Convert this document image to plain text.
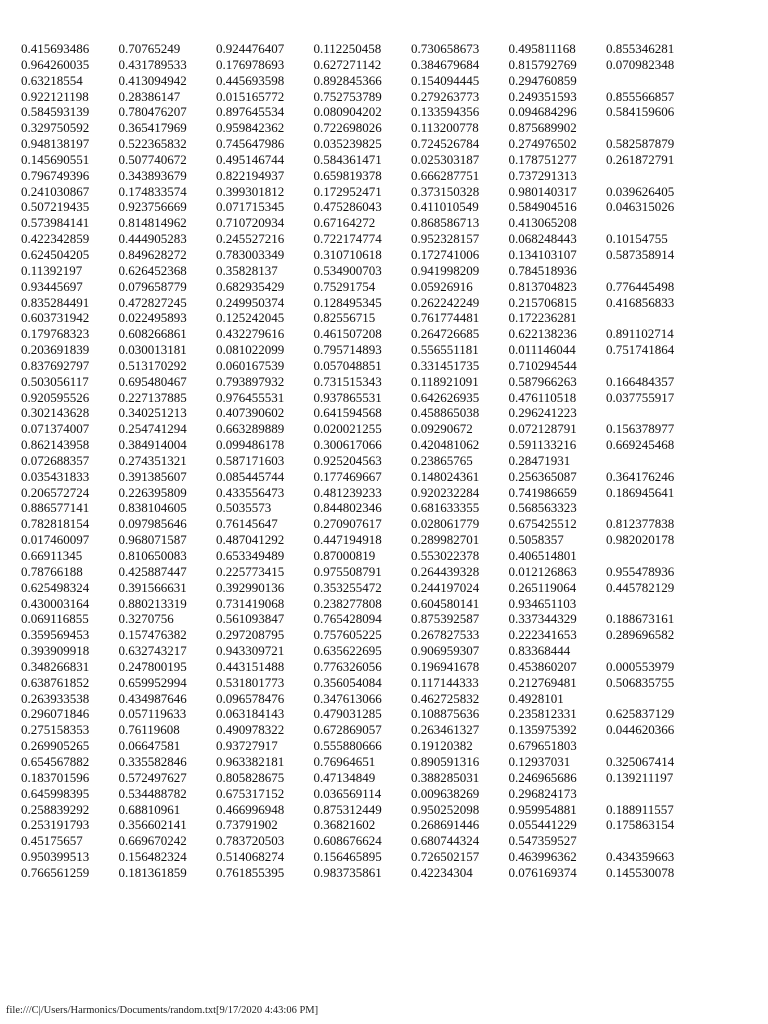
0.415693486	0.70765249	0.924476407	0.112250458	0.730658673	0.495811168	0.855346281
0.964260035	0.431789533	0.176978693	0.627271142	0.384679684	0.815792769	0.070982348
0.63218554	0.413094942	0.445693598	0.892845366	0.154094445	0.294760859
0.922121198	0.28386147	0.015165772	0.752753789	0.279263773	0.249351593	0.855566857
0.584593139	0.780476207	0.897645534	0.080904202	0.133594356	0.094684296	0.584159606
0.329750592	0.365417969	0.959842362	0.722698026	0.113200778	0.875689902
0.948138197	0.522365832	0.745647986	0.035239825	0.724526784	0.274976502	0.582587879
0.145690551	0.507740672	0.495146744	0.584361471	0.025303187	0.178751277	0.261872791
0.796749396	0.343893679	0.822194937	0.659819378	0.666287751	0.737291313
0.241030867	0.174833574	0.399301812	0.172952471	0.373150328	0.980140317	0.039626405
0.507219435	0.923756669	0.071715345	0.475286043	0.411010549	0.584904516	0.046315026
0.573984141	0.814814962	0.710720934	0.67164272	0.868586713	0.413065208
0.422342859	0.444905283	0.245527216	0.722174774	0.952328157	0.068248443	0.10154755
0.624504205	0.849628272	0.783003349	0.310710618	0.172741006	0.134103107	0.587358914
0.11392197	0.626452368	0.35828137	0.534900703	0.941998209	0.784518936
0.93445697	0.079658779	0.682935429	0.75291754	0.05926916	0.813704823	0.776445498
0.835284491	0.472827245	0.249950374	0.128495345	0.262242249	0.215706815	0.416856833
0.603731942	0.022495893	0.125242045	0.82556715	0.761774481	0.172236281
0.179768323	0.608266861	0.432279616	0.461507208	0.264726685	0.622138236	0.891102714
0.203691839	0.030013181	0.081022099	0.795714893	0.556551181	0.011146044	0.751741864
0.837692797	0.513170292	0.060167539	0.057048851	0.331451735	0.710294544
0.503056117	0.695480467	0.793897932	0.731515343	0.118921091	0.587966263	0.166484357
0.920595526	0.227137885	0.976455531	0.937865531	0.642626935	0.476110518	0.037755917
0.302143628	0.340251213	0.407390602	0.641594568	0.458865038	0.296241223
0.071374007	0.254741294	0.663289889	0.020021255	0.09290672	0.072128791	0.156378977
0.862143958	0.384914004	0.099486178	0.300617066	0.420481062	0.591133216	0.669245468
0.072688357	0.274351321	0.587171603	0.925204563	0.23865765	0.28471931
0.035431833	0.391385607	0.085445744	0.177469667	0.148024361	0.256365087	0.364176246
0.206572724	0.226395809	0.433556473	0.481239233	0.920232284	0.741986659	0.186945641
0.886577141	0.838104605	0.5035573	0.844802346	0.681633355	0.568563323
0.782818154	0.097985646	0.76145647	0.270907617	0.028061779	0.675425512	0.812377838
0.017460097	0.968071587	0.487041292	0.447194918	0.289982701	0.5058357	0.982020178
0.66911345	0.810650083	0.653349489	0.87000819	0.553022378	0.406514801
0.78766188	0.425887447	0.225773415	0.975508791	0.264439328	0.012126863	0.955478936
0.625498324	0.391566631	0.392990136	0.353255472	0.244197024	0.265119064	0.445782129
0.430003164	0.880213319	0.731419068	0.238277808	0.604580141	0.934651103
0.069116855	0.3270756	0.561093847	0.765428094	0.875392587	0.337344329	0.188673161
0.359569453	0.157476382	0.297208795	0.757605225	0.267827533	0.222341653	0.289696582
0.393909918	0.632743217	0.943309721	0.635622695	0.906959307	0.83368444
0.348266831	0.247800195	0.443151488	0.776326056	0.196941678	0.453860207	0.000553979
0.638761852	0.659952994	0.531801773	0.356054084	0.117144333	0.212769481	0.506835755
0.263933538	0.434987646	0.096578476	0.347613066	0.462725832	0.4928101
0.296071846	0.057119633	0.063184143	0.479031285	0.108875636	0.235812331	0.625837129
0.275158353	0.76119608	0.490978322	0.672869057	0.263461327	0.135975392	0.044620366
0.269905265	0.06647581	0.93727917	0.555880666	0.19120382	0.679651803
0.654567882	0.335582846	0.963382181	0.76964651	0.890591316	0.12937031	0.325067414
0.183701596	0.572497627	0.805828675	0.47134849	0.388285031	0.246965686	0.139211197
0.645998395	0.534488782	0.675317152	0.036569114	0.009638269	0.296824173
0.258839292	0.68810961	0.466996948	0.875312449	0.950252098	0.959954881	0.188911557
0.253191793	0.356602141	0.73791902	0.36821602	0.268691446	0.055441229	0.175863154
0.45175657	0.669670242	0.783720503	0.608676624	0.680744324	0.547359527
0.950399513	0.156482324	0.514068274	0.156465895	0.726502157	0.463996362	0.434359663
0.766561259	0.181361859	0.761855395	0.983735861	0.42234304	0.076169374	0.145530078
file:///C|/Users/Harmonics/Documents/random.txt[9/17/2020 4:43:06 PM]
